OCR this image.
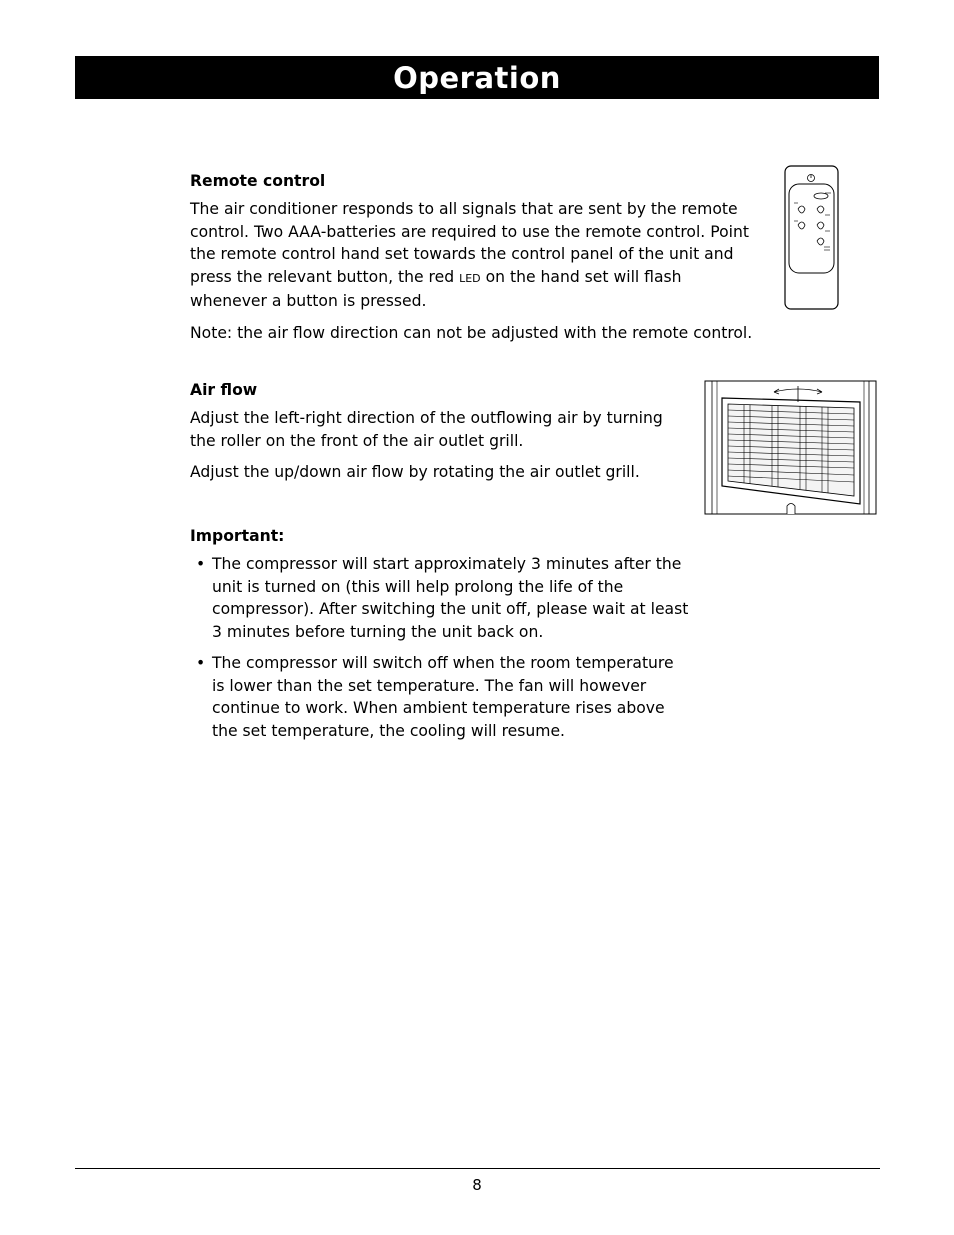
Operation

Remote control

The air conditioner responds to all signals that are sent by the remote control. Two AAA-batteries are required to use the remote control. Point the remote control hand set towards the control panel of the unit and press the relevant button, the red LED on the hand set will flash whenever a button is pressed.

Note: the air flow direction can not be adjusted with the remote control.

Air flow

Adjust the left-right direction of the outflowing air by turning the roller on the front of the air outlet grill.

Adjust the up/down air flow by rotating the air outlet grill.

Important:

• The compressor will start approximately 3 minutes after the unit is turned on (this will help prolong the life of the compressor). After switching the unit off, please wait at least 3 minutes before turning the unit back on.
• The compressor will switch off when the room temperature is lower than the set temperature. The fan will however continue to work. When ambient temperature rises above the set temperature, the cooling will resume.
8
